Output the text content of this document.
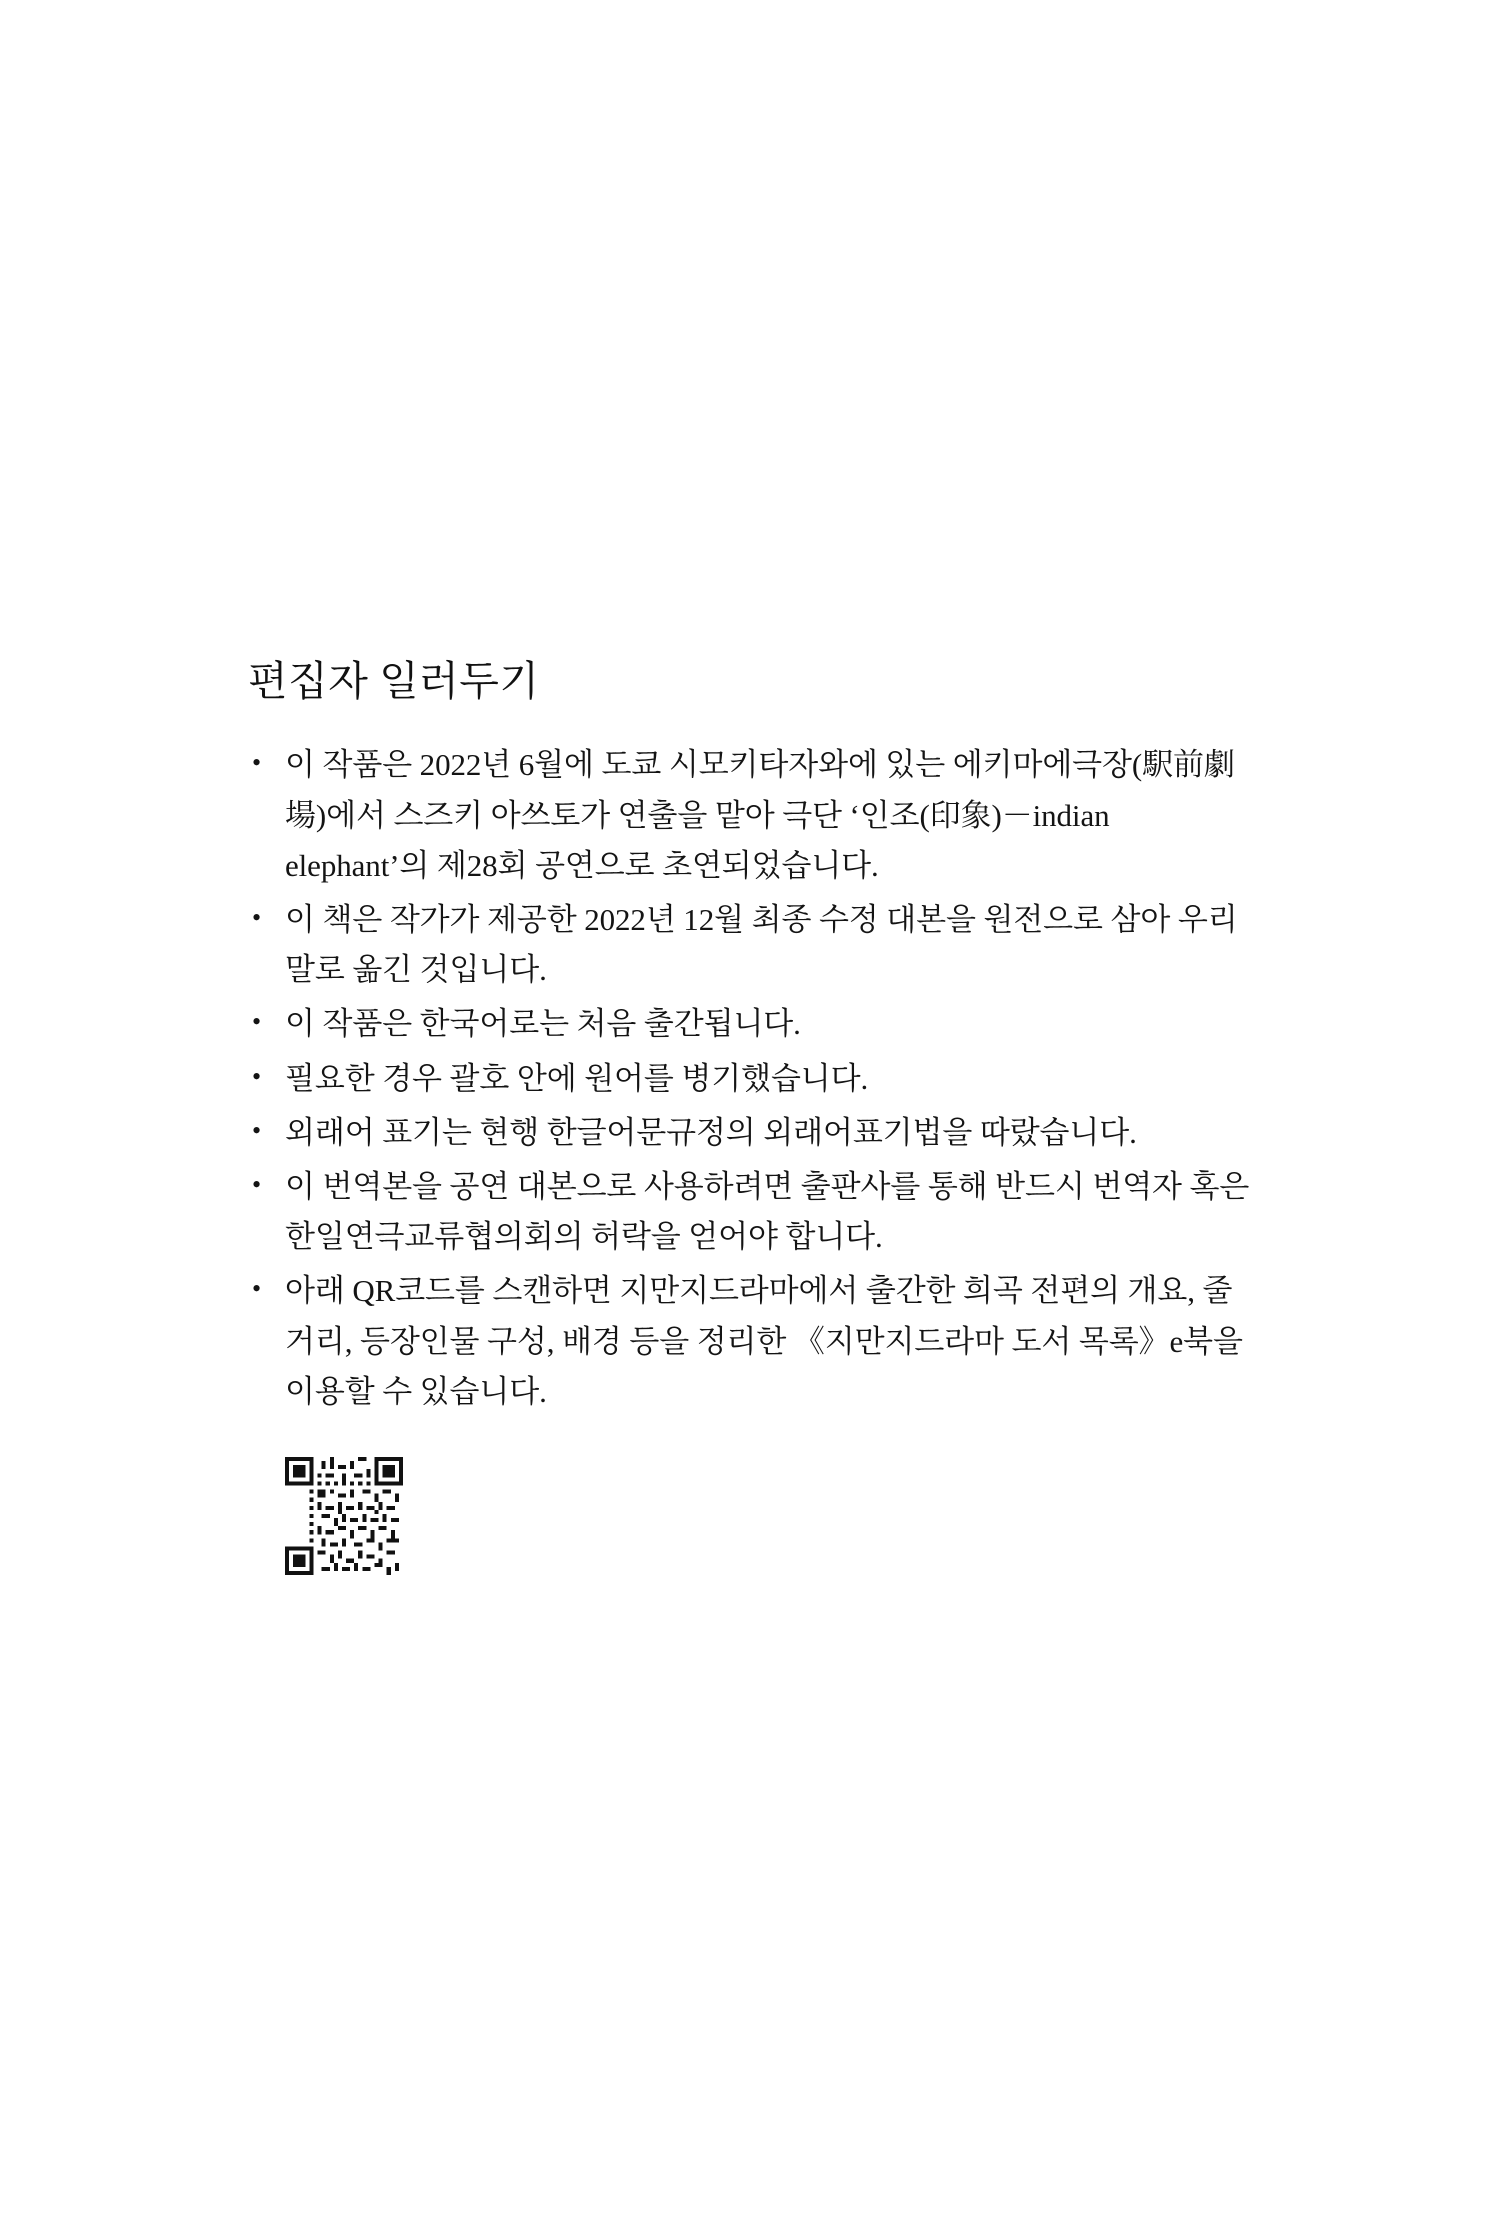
편집자 일러두기
• 이 작품은 2022년 6월에 도쿄 시모키타자와에 있는 에키마에극장(駅前劇場)에서 스즈키 아쓰토가 연출을 맡아 극단 ‘인조(印象)－indian elephant’의 제28회 공연으로 초연되었습니다.
• 이 책은 작가가 제공한 2022년 12월 최종 수정 대본을 원전으로 삼아 우리말로 옮긴 것입니다.
• 이 작품은 한국어로는 처음 출간됩니다.
• 필요한 경우 괄호 안에 원어를 병기했습니다.
• 외래어 표기는 현행 한글어문규정의 외래어표기법을 따랐습니다.
• 이 번역본을 공연 대본으로 사용하려면 출판사를 통해 반드시 번역자 혹은 한일연극교류협의회의 허락을 얻어야 합니다.
• 아래 QR코드를 스캔하면 지만지드라마에서 출간한 희곡 전편의 개요, 줄거리, 등장인물 구성, 배경 등을 정리한 《지만지드라마 도서 목록》e북을 이용할 수 있습니다.
